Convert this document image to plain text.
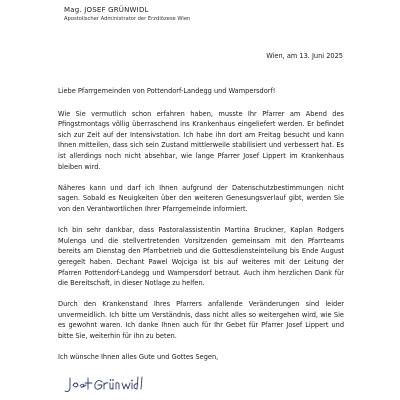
Mag. JOSEF GRÜNWIDL
Apostolischer Administrator der Erzdiözese Wien
Wien, am 13. Juni 2025

Liebe Pfarrgemeinden von Pottendorf-Landegg und Wampersdorf!

Wie Sie vermutlich schon erfahren haben, musste Ihr Pfarrer am Abend des Pfingstmontags völlig überraschend ins Krankenhaus eingeliefert werden. Er befindet sich zur Zeit auf der Intensivstation. Ich habe ihn dort am Freitag besucht und kann Ihnen mitteilen, dass sich sein Zustand mittlerweile stabilisiert und verbessert hat. Es ist allerdings noch nicht absehbar, wie lange Pfarrer Josef Lippert im Krankenhaus bleiben wird.

Näheres kann und darf ich Ihnen aufgrund der Datenschutzbestimmungen nicht sagen. Sobald es Neuigkeiten über den weiteren Genesungsverlauf gibt, werden Sie von den Verantwortlichen Ihrer Pfarrgemeinde informiert.

Ich bin sehr dankbar, dass Pastoralassistentin Martina Bruckner, Kaplan Rodgers Mulenga und die stellvertretenden Vorsitzenden gemeinsam mit den Pfarrteams bereits am Dienstag den Pfarrbetrieb und die Gottesdiensteinteilung bis Ende August geregelt haben. Dechant Pawel Wojciga ist bis auf weiteres mit der Leitung der Pfarren Pottendorf-Landegg und Wampersdorf betraut. Auch ihm herzlichen Dank für die Bereitschaft, in dieser Notlage zu helfen.

Durch den Krankenstand Ihres Pfarrers anfallende Veränderungen sind leider unvermeidlich. Ich bitte um Verständnis, dass nicht alles so weitergehen wird, wie Sie es gewohnt waren. Ich danke Ihnen auch für Ihr Gebet für Pfarrer Josef Lippert und bitte Sie, weiterhin für ihn zu beten.

Ich wünsche Ihnen alles Gute und Gottes Segen,
